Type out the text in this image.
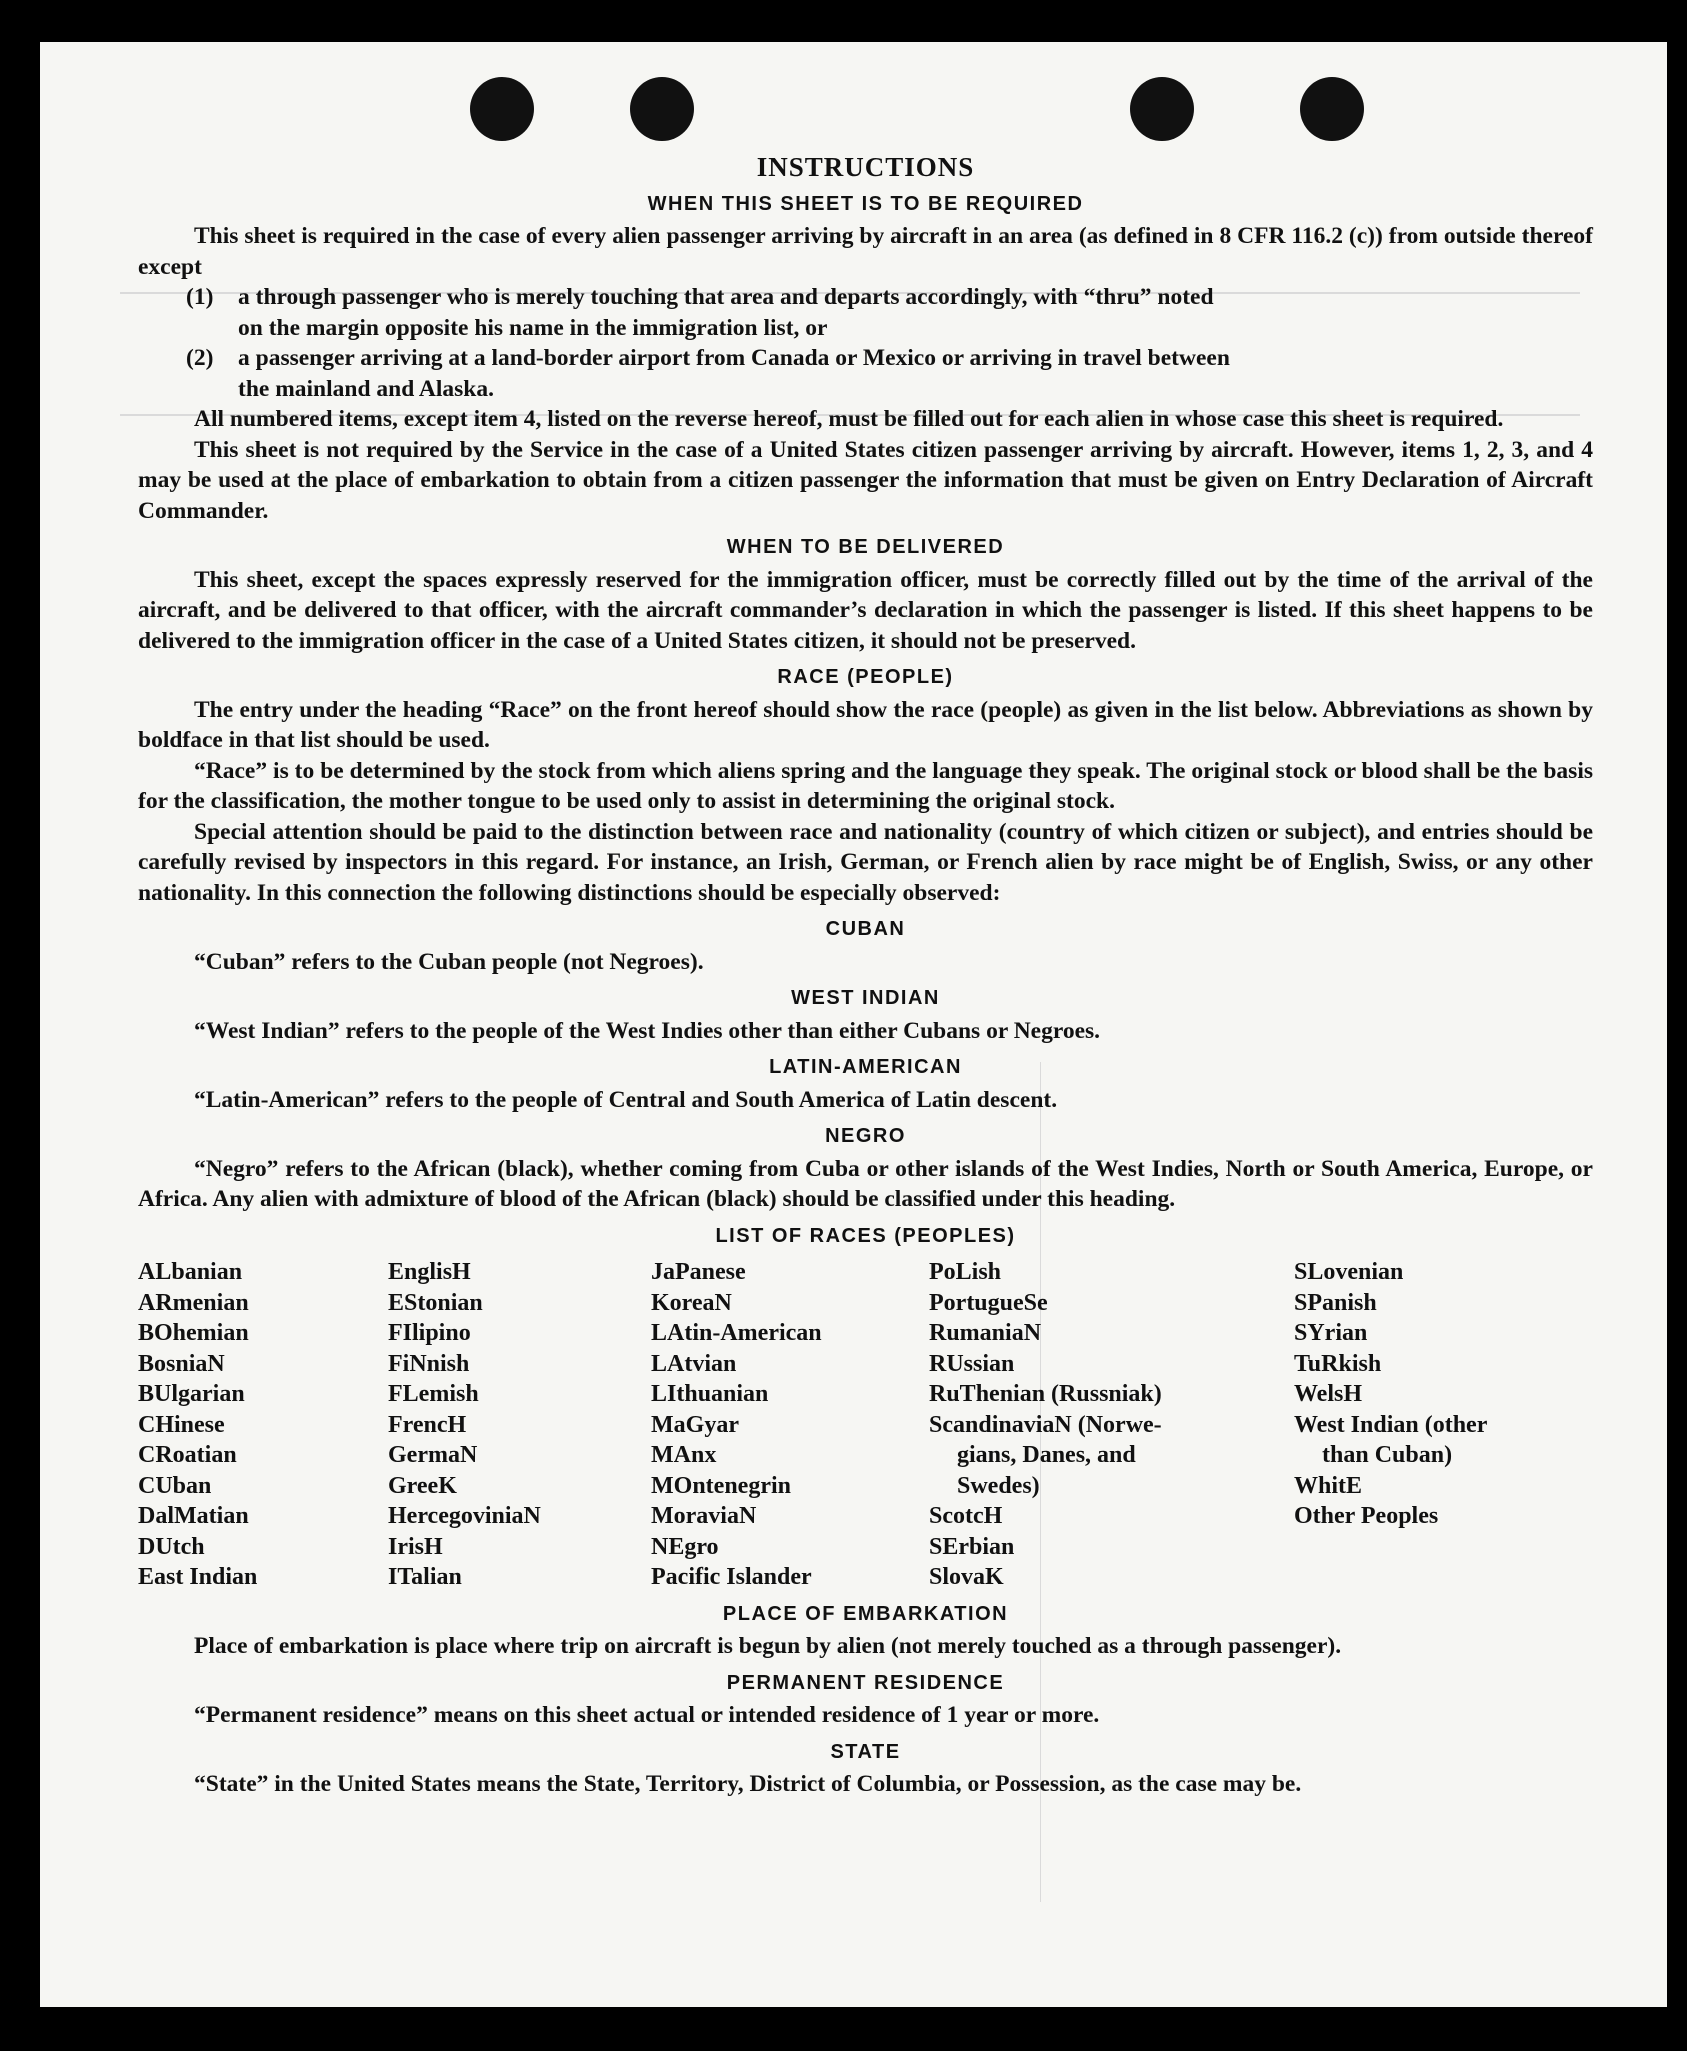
INSTRUCTIONS
WHEN THIS SHEET IS TO BE REQUIRED

This sheet is required in the case of every alien passenger arriving by aircraft in an area (as defined in 8 CFR 116.2 (c)) from outside thereof except

(1) a through passenger who is merely touching that area and departs accordingly, with “thru” noted
on the margin opposite his name in the immigration list, or
(2) a passenger arriving at a land-border airport from Canada or Mexico or arriving in travel between
the mainland and Alaska.

All numbered items, except item 4, listed on the reverse hereof, must be filled out for each alien in whose case this sheet is required.

This sheet is not required by the Service in the case of a United States citizen passenger arriving by aircraft. However, items 1, 2, 3, and 4 may be used at the place of embarkation to obtain from a citizen passenger the information that must be given on Entry Declaration of Aircraft Commander.

WHEN TO BE DELIVERED

This sheet, except the spaces expressly reserved for the immigration officer, must be correctly filled out by the time of the arrival of the aircraft, and be delivered to that officer, with the aircraft commander’s declaration in which the passenger is listed. If this sheet happens to be delivered to the immigration officer in the case of a United States citizen, it should not be preserved.

RACE (PEOPLE)

The entry under the heading “Race” on the front hereof should show the race (people) as given in the list below. Abbreviations as shown by boldface in that list should be used.

“Race” is to be determined by the stock from which aliens spring and the language they speak. The original stock or blood shall be the basis for the classification, the mother tongue to be used only to assist in determining the original stock.

Special attention should be paid to the distinction between race and nationality (country of which citizen or subject), and entries should be carefully revised by inspectors in this regard. For instance, an Irish, German, or French alien by race might be of English, Swiss, or any other nationality. In this connection the following distinctions should be especially observed:

CUBAN

“Cuban” refers to the Cuban people (not Negroes).

WEST INDIAN

“West Indian” refers to the people of the West Indies other than either Cubans or Negroes.

LATIN-AMERICAN

“Latin-American” refers to the people of Central and South America of Latin descent.

NEGRO

“Negro” refers to the African (black), whether coming from Cuba or other islands of the West Indies, North or South America, Europe, or Africa. Any alien with admixture of blood of the African (black) should be classified under this heading.

LIST OF RACES (PEOPLES)
ALbanian
ARmenian
BOhemian
BosniaN
BUlgarian
CHinese
CRoatian
CUban
DalMatian
DUtch
East Indian
EnglisH
EStonian
FIlipino
FiNnish
FLemish
FrencH
GermaN
GreeK
HercegoviniaN
IrisH
ITalian
JaPanese
KoreaN
LAtin-American
LAtvian
LIthuanian
MaGyar
MAnx
MOntenegrin
MoraviaN
NEgro
Pacific Islander
PoLish
PortugueSe
RumaniaN
RUssian
RuThenian (Russniak)
ScandinaviaN (Norwe-
gians, Danes, and
Swedes)
ScotcH
SErbian
SlovaK
SLovenian
SPanish
SYrian
TuRkish
WelsH
West Indian (other
than Cuban)
WhitE
Other Peoples
PLACE OF EMBARKATION

Place of embarkation is place where trip on aircraft is begun by alien (not merely touched as a through passenger).

PERMANENT RESIDENCE

“Permanent residence” means on this sheet actual or intended residence of 1 year or more.

STATE

“State” in the United States means the State, Territory, District of Columbia, or Possession, as the case may be.
